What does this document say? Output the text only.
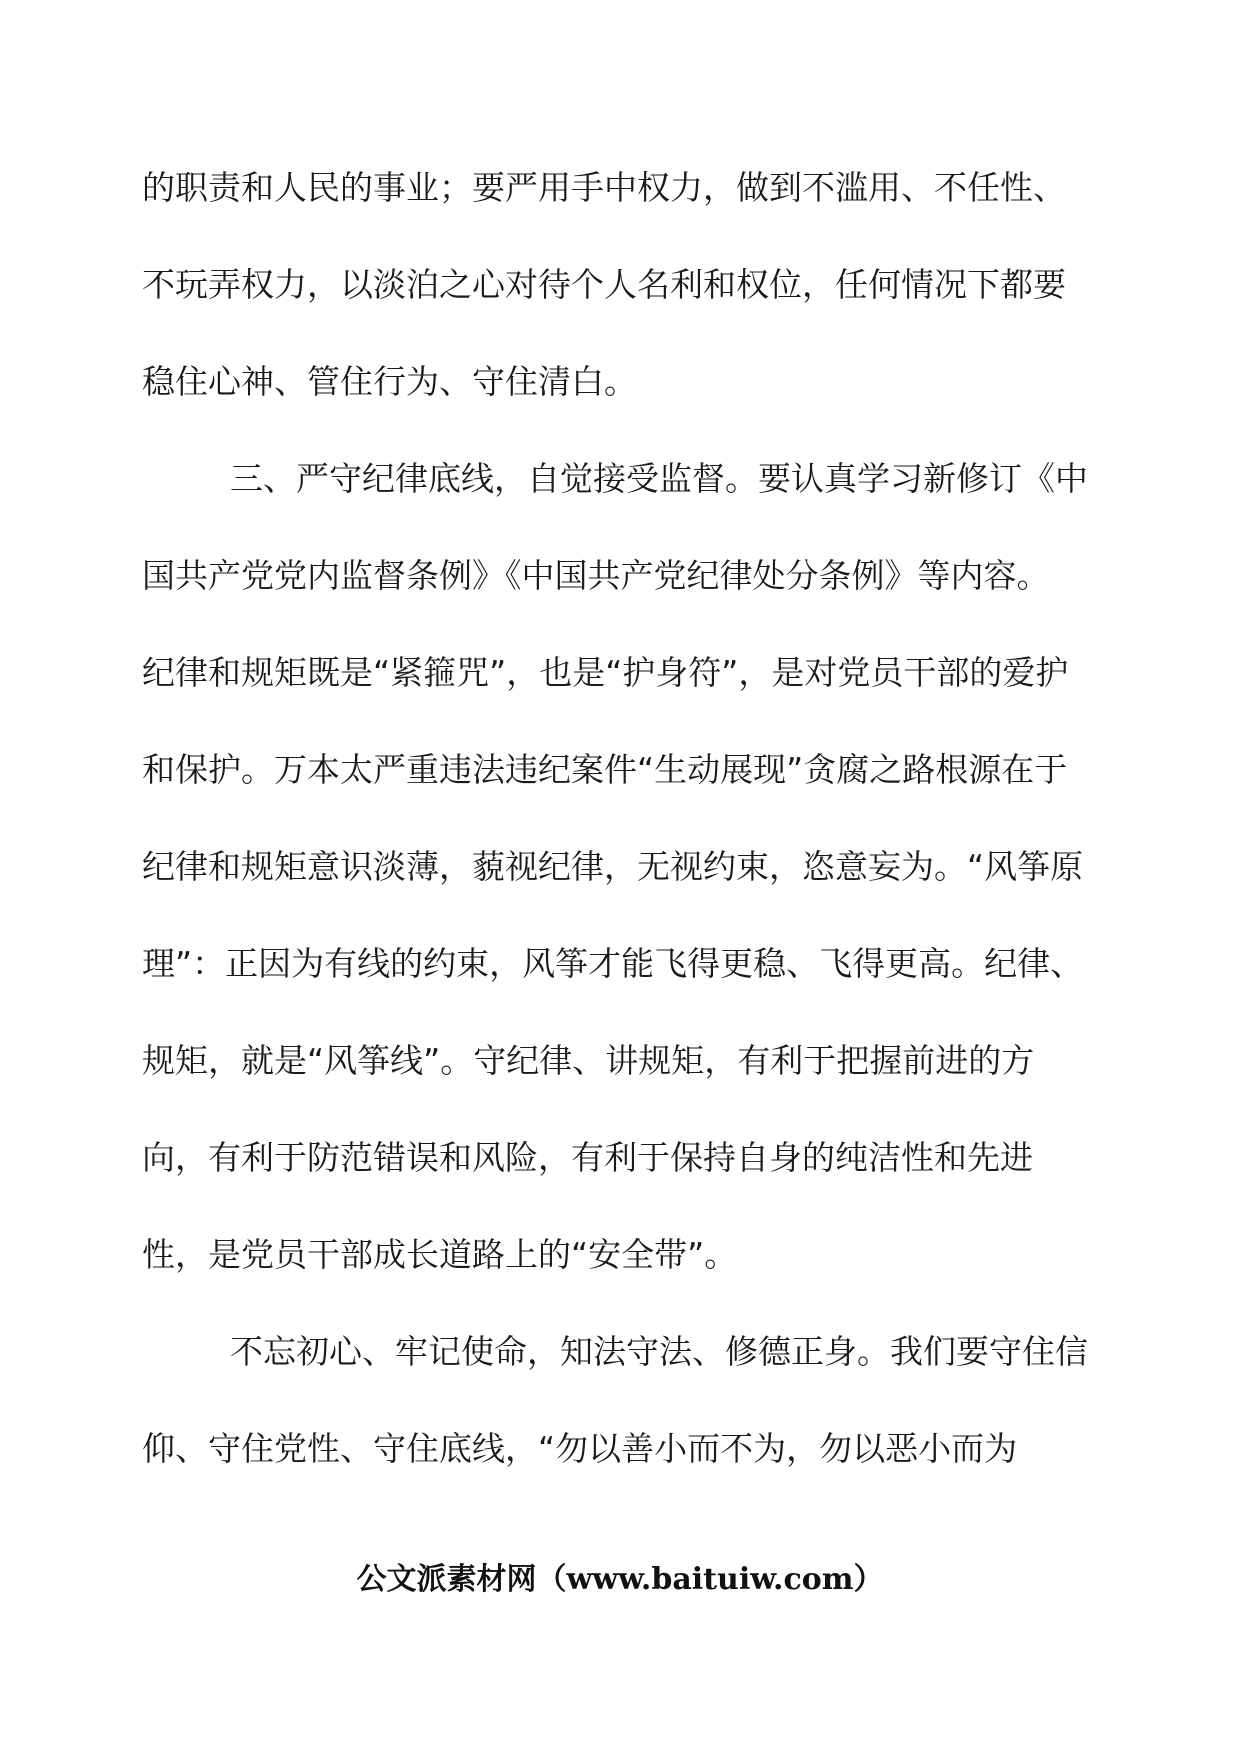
的职责和人民的事业；要严用手中权力，做到不滥用、不任性、
不玩弄权力，以淡泊之心对待个人名利和权位，任何情况下都要
稳住心神、管住行为、守住清白。
三、严守纪律底线，自觉接受监督。要认真学习新修订《中
国共产党党内监督条例》《中国共产党纪律处分条例》等内容。
纪律和规矩既是“紧箍咒”，也是“护身符”，是对党员干部的爱护
和保护。万本太严重违法违纪案件“生动展现”贪腐之路根源在于
纪律和规矩意识淡薄，藐视纪律，无视约束，恣意妄为。“风筝原
理”：正因为有线的约束，风筝才能飞得更稳、飞得更高。纪律、
规矩，就是“风筝线”。守纪律、讲规矩，有利于把握前进的方
向，有利于防范错误和风险，有利于保持自身的纯洁性和先进
性，是党员干部成长道路上的“安全带”。
不忘初心、牢记使命，知法守法、修德正身。我们要守住信
仰、守住党性、守住底线，“勿以善小而不为，勿以恶小而为
公文派素材网（www.baituiw.com）
